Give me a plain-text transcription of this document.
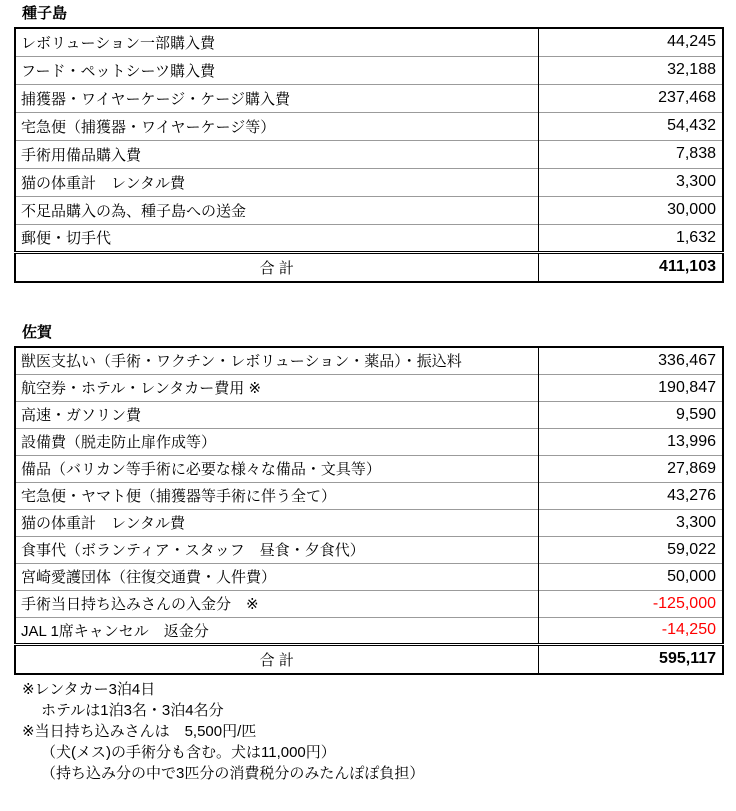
種子島
レボリューション一部購入費	44,245
フード・ペットシーツ購入費	32,188
捕獲器・ワイヤーケージ・ケージ購入費	237,468
宅急便（捕獲器・ワイヤーケージ等）	54,432
手術用備品購入費	7,838
猫の体重計　レンタル費	3,300
不足品購入の為、種子島への送金	30,000
郵便・切手代	1,632
合 計	411,103
佐賀
獣医支払い（手術・ワクチン・レボリューション・薬品）・振込料	336,467
航空券・ホテル・レンタカー費用 ※	190,847
高速・ガソリン費	9,590
設備費（脱走防止扉作成等）	13,996
備品（バリカン等手術に必要な様々な備品・文具等）	27,869
宅急便・ヤマト便（捕獲器等手術に伴う全て）	43,276
猫の体重計　レンタル費	3,300
食事代（ボランティア・スタッフ　昼食・夕食代）	59,022
宮崎愛護団体（往復交通費・人件費）	50,000
手術当日持ち込みさんの入金分　※	-125,000
JAL 1席キャンセル　返金分	-14,250
合 計	595,117
※レンタカー3泊4日
ホテルは1泊3名・3泊4名分
※当日持ち込みさんは　5,500円/匹
（犬(メス)の手術分も含む。犬は11,000円）
（持ち込み分の中で3匹分の消費税分のみたんぽぽ負担）
